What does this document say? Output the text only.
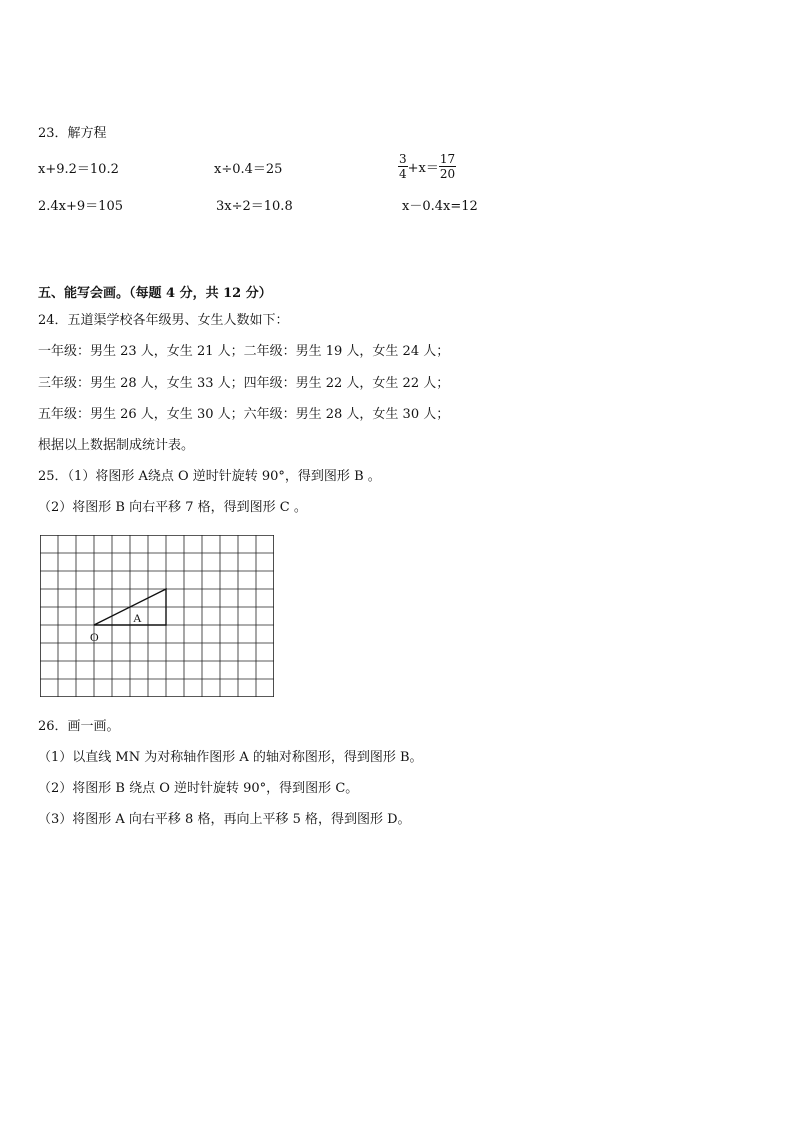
23．解方程
x+9.2＝10.2	x÷0.4＝25	$\frac{3}{4} +x= \frac{17}{20}$
2.4x+9＝105	3x÷2＝10.8	x－0.4x=12
五、能写会画。（每题 4 分，共 12 分）
24．五道渠学校各年级男、女生人数如下：
一年级：男生 23 人，女生 21 人；二年级：男生 19 人，女生 24 人；
三年级：男生 28 人，女生 33 人；四年级：男生 22 人，女生 22 人；
五年级：男生 26 人，女生 30 人；六年级：男生 28 人，女生 30 人；
根据以上数据制成统计表。
25．（1）将图形 A绕点 O 逆时针旋转 90°，得到图形 B 。
（2）将图形 B 向右平移 7 格，得到图形 C 。
A
O
26．画一画。
（1）以直线 MN 为对称轴作图形 A 的轴对称图形，得到图形 B。
（2）将图形 B 绕点 O 逆时针旋转 90°，得到图形 C。
（3）将图形 A 向右平移 8 格，再向上平移 5 格，得到图形 D。
